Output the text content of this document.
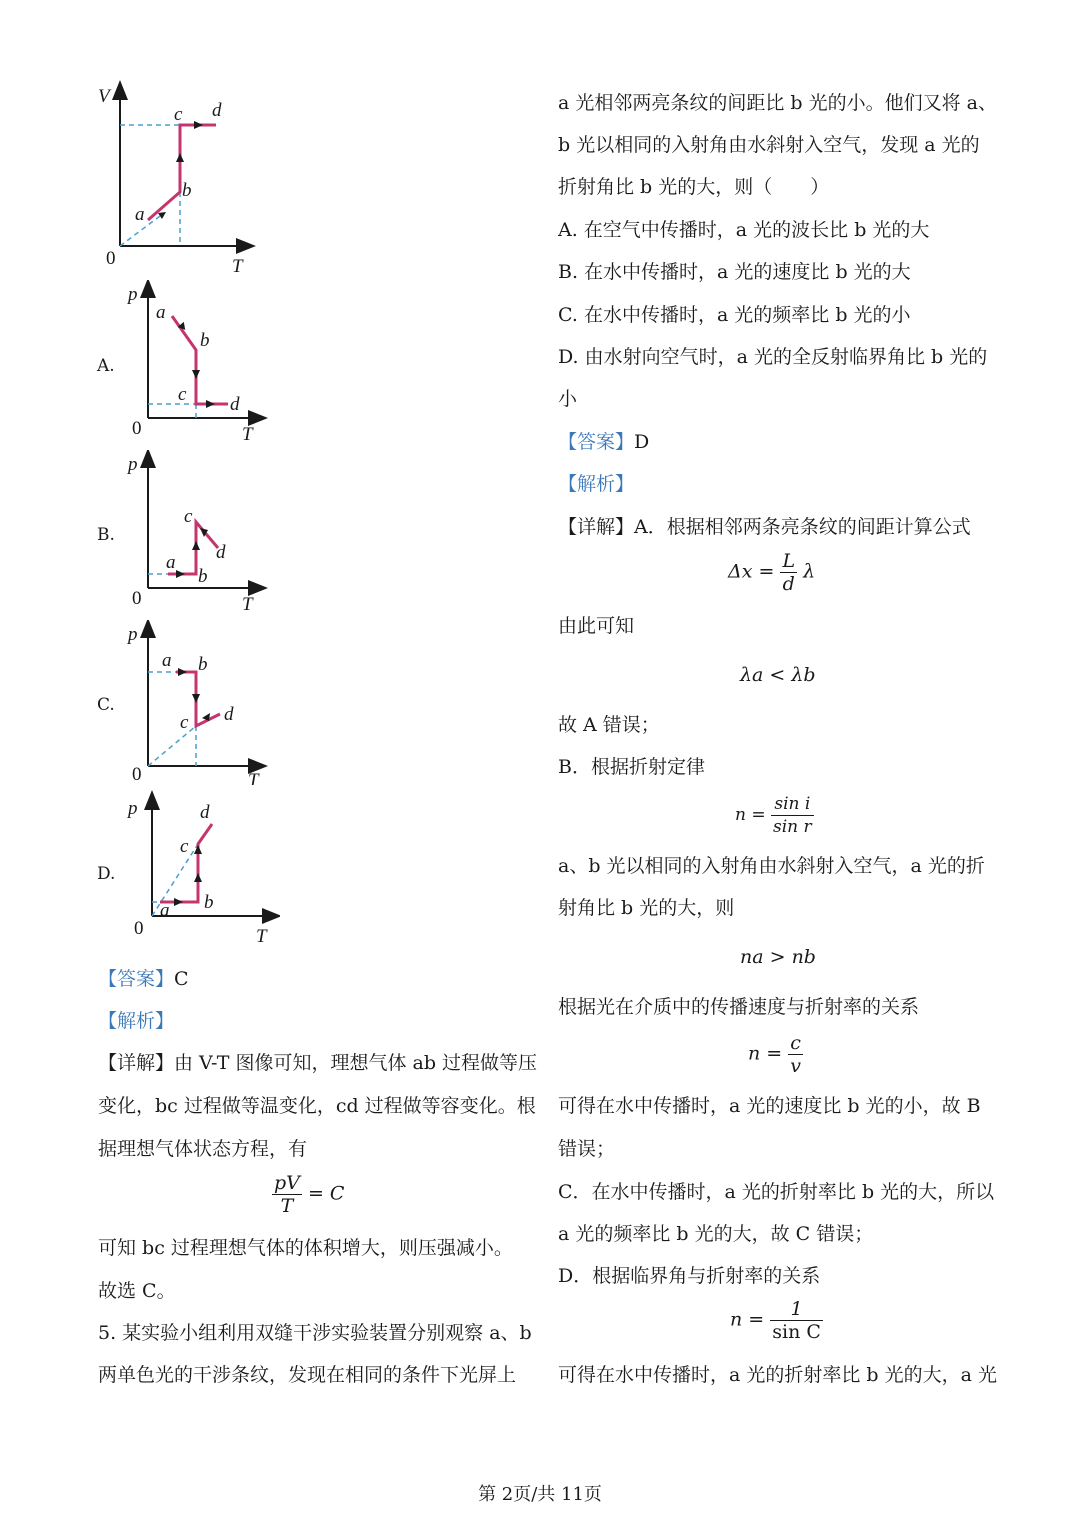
V
T
0
a
b
c d
A.
p
T
0
a
b
c d
B.
p
T
0
a
b
c
d
C.
p
T
0
a b
c d
D.
p
T
0
a b
c
d
【答案】C
【解析】
【详解】由 V-T 图像可知，理想气体 ab 过程做等压
变化，bc 过程做等温变化，cd 过程做等容变化。根
据理想气体状态方程，有
$\frac{pV}{T} = C$
可知 bc 过程理想气体的体积增大，则压强减小。
故选 C。
5. 某实验小组利用双缝干涉实验装置分别观察 a、b
两单色光的干涉条纹，发现在相同的条件下光屏上
a 光相邻两亮条纹的间距比 b 光的小。他们又将 a、
b 光以相同的入射角由水斜射入空气，发现 a 光的
折射角比 b 光的大，则（　　）
A. 在空气中传播时，a 光的波长比 b 光的大
B. 在水中传播时，a 光的速度比 b 光的大
C. 在水中传播时，a 光的频率比 b 光的小
D. 由水射向空气时，a 光的全反射临界角比 b 光的
小
【答案】D
【解析】
【详解】A．根据相邻两条亮条纹的间距计算公式
$\Delta x = \frac{L}{d}$ λ
由此可知
λa < λb
故 A 错误；
B．根据折射定律
$n = \frac{\text{sin i}}{\text{sin r}}$
a、b 光以相同的入射角由水斜射入空气，a 光的折
射角比 b 光的大，则
na > nb
根据光在介质中的传播速度与折射率的关系
$n = \frac{c}{v}$
可得在水中传播时，a 光的速度比 b 光的小，故 B
错误；
C．在水中传播时，a 光的折射率比 b 光的大，所以
a 光的频率比 b 光的大，故 C 错误；
D．根据临界角与折射率的关系
$n = \frac{1}{\text{sin C}}$
可得在水中传播时，a 光的折射率比 b 光的大，a 光
第 2页/共 11页
